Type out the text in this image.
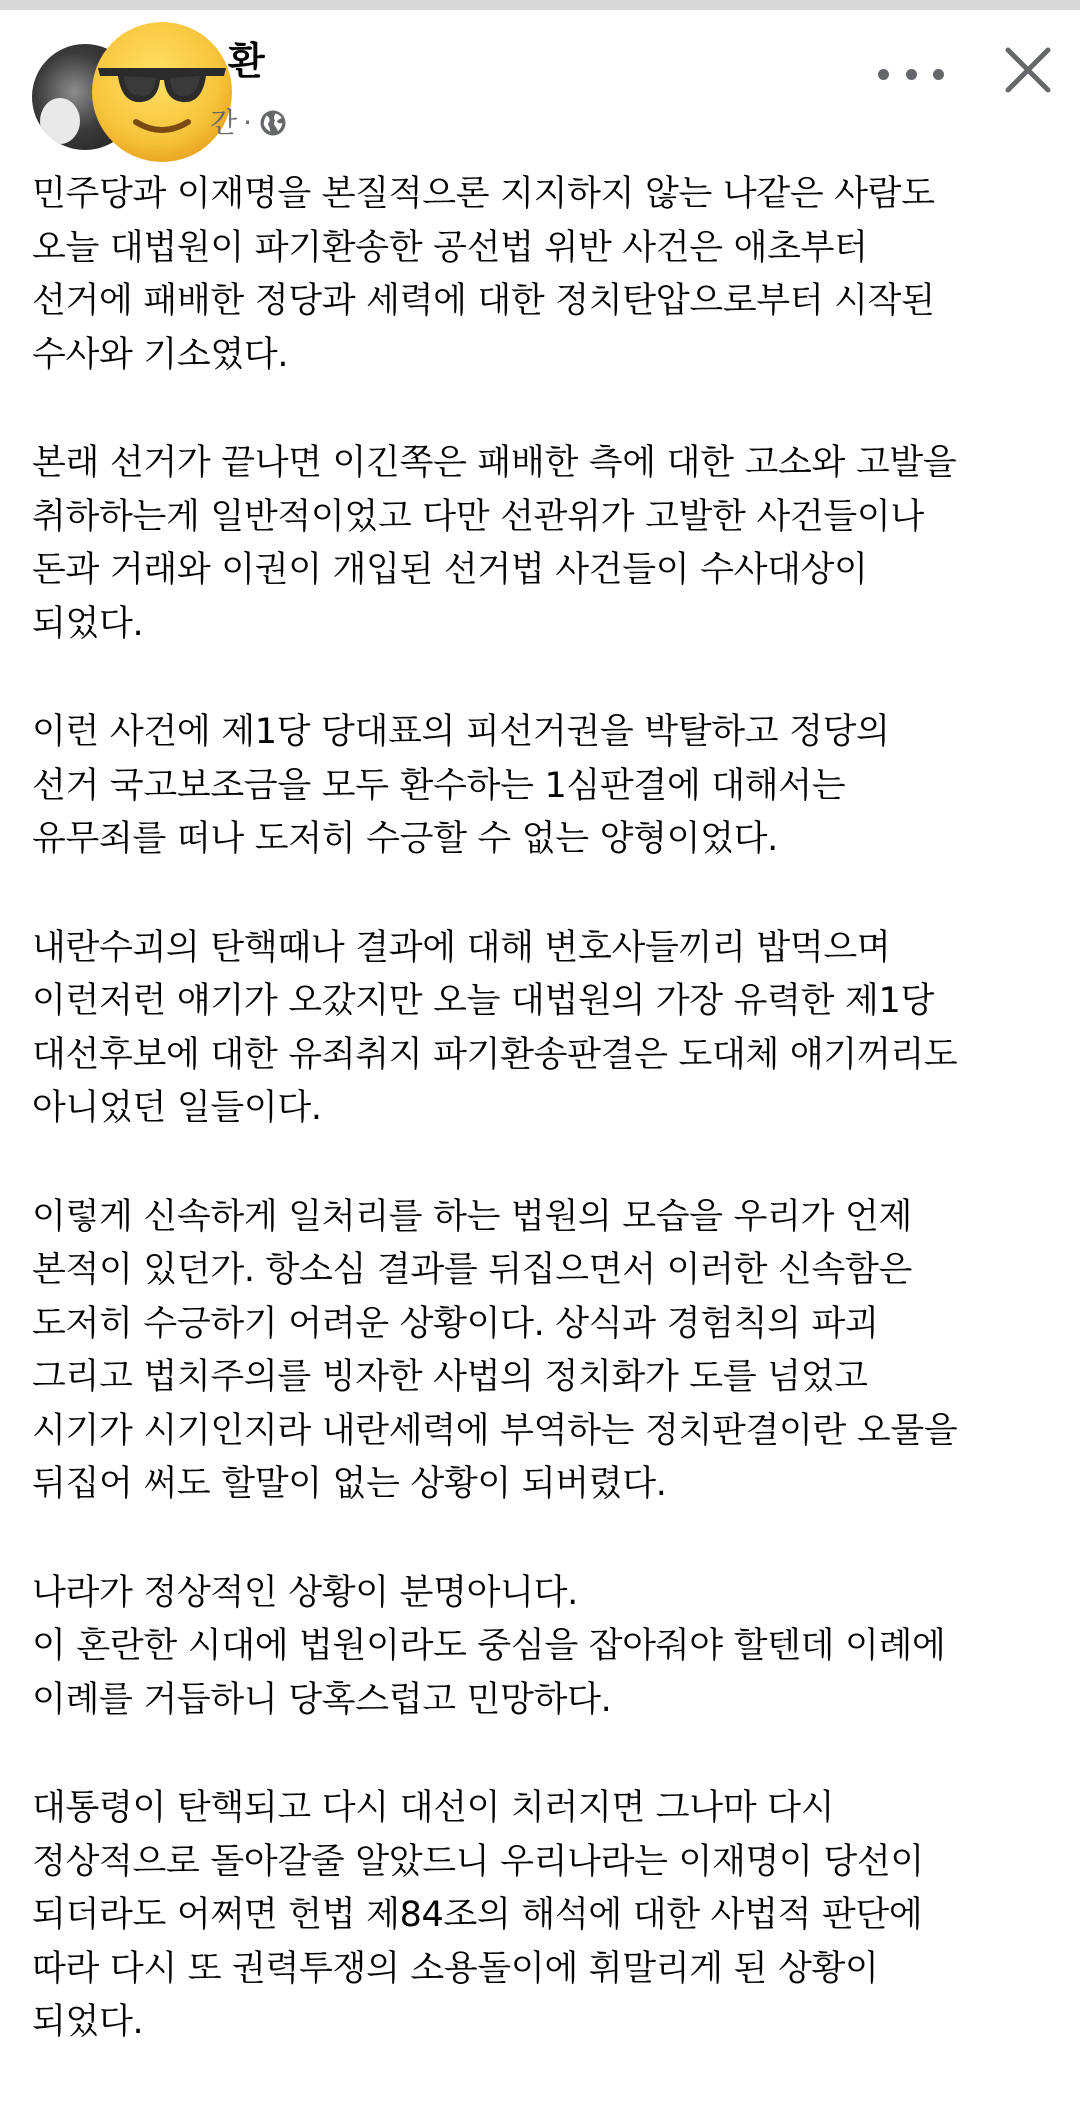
환
간 ·
민주당과 이재명을 본질적으론 지지하지 않는 나같은 사람도
오늘 대법원이 파기환송한 공선법 위반 사건은 애초부터
선거에 패배한 정당과 세력에 대한 정치탄압으로부터 시작된
수사와 기소였다.
본래 선거가 끝나면 이긴쪽은 패배한 측에 대한 고소와 고발을
취하하는게 일반적이었고 다만 선관위가 고발한 사건들이나
돈과 거래와 이권이 개입된 선거법 사건들이 수사대상이
되었다.
이런 사건에 제1당 당대표의 피선거권을 박탈하고 정당의
선거 국고보조금을 모두 환수하는 1심판결에 대해서는
유무죄를 떠나 도저히 수긍할 수 없는 양형이었다.
내란수괴의 탄핵때나 결과에 대해 변호사들끼리 밥먹으며
이런저런 얘기가 오갔지만 오늘 대법원의 가장 유력한 제1당
대선후보에 대한 유죄취지 파기환송판결은 도대체 얘기꺼리도
아니었던 일들이다.
이렇게 신속하게 일처리를 하는 법원의 모습을 우리가 언제
본적이 있던가. 항소심 결과를 뒤집으면서 이러한 신속함은
도저히 수긍하기 어려운 상황이다. 상식과 경험칙의 파괴
그리고 법치주의를 빙자한 사법의 정치화가 도를 넘었고
시기가 시기인지라 내란세력에 부역하는 정치판결이란 오물을
뒤집어 써도 할말이 없는 상황이 되버렸다.
나라가 정상적인 상황이 분명아니다.
이 혼란한 시대에 법원이라도 중심을 잡아줘야 할텐데 이례에
이례를 거듭하니 당혹스럽고 민망하다.
대통령이 탄핵되고 다시 대선이 치러지면 그나마 다시
정상적으로 돌아갈줄 알았드니 우리나라는 이재명이 당선이
되더라도 어쩌면 헌법 제84조의 해석에 대한 사법적 판단에
따라 다시 또 권력투쟁의 소용돌이에 휘말리게 된 상황이
되었다.
